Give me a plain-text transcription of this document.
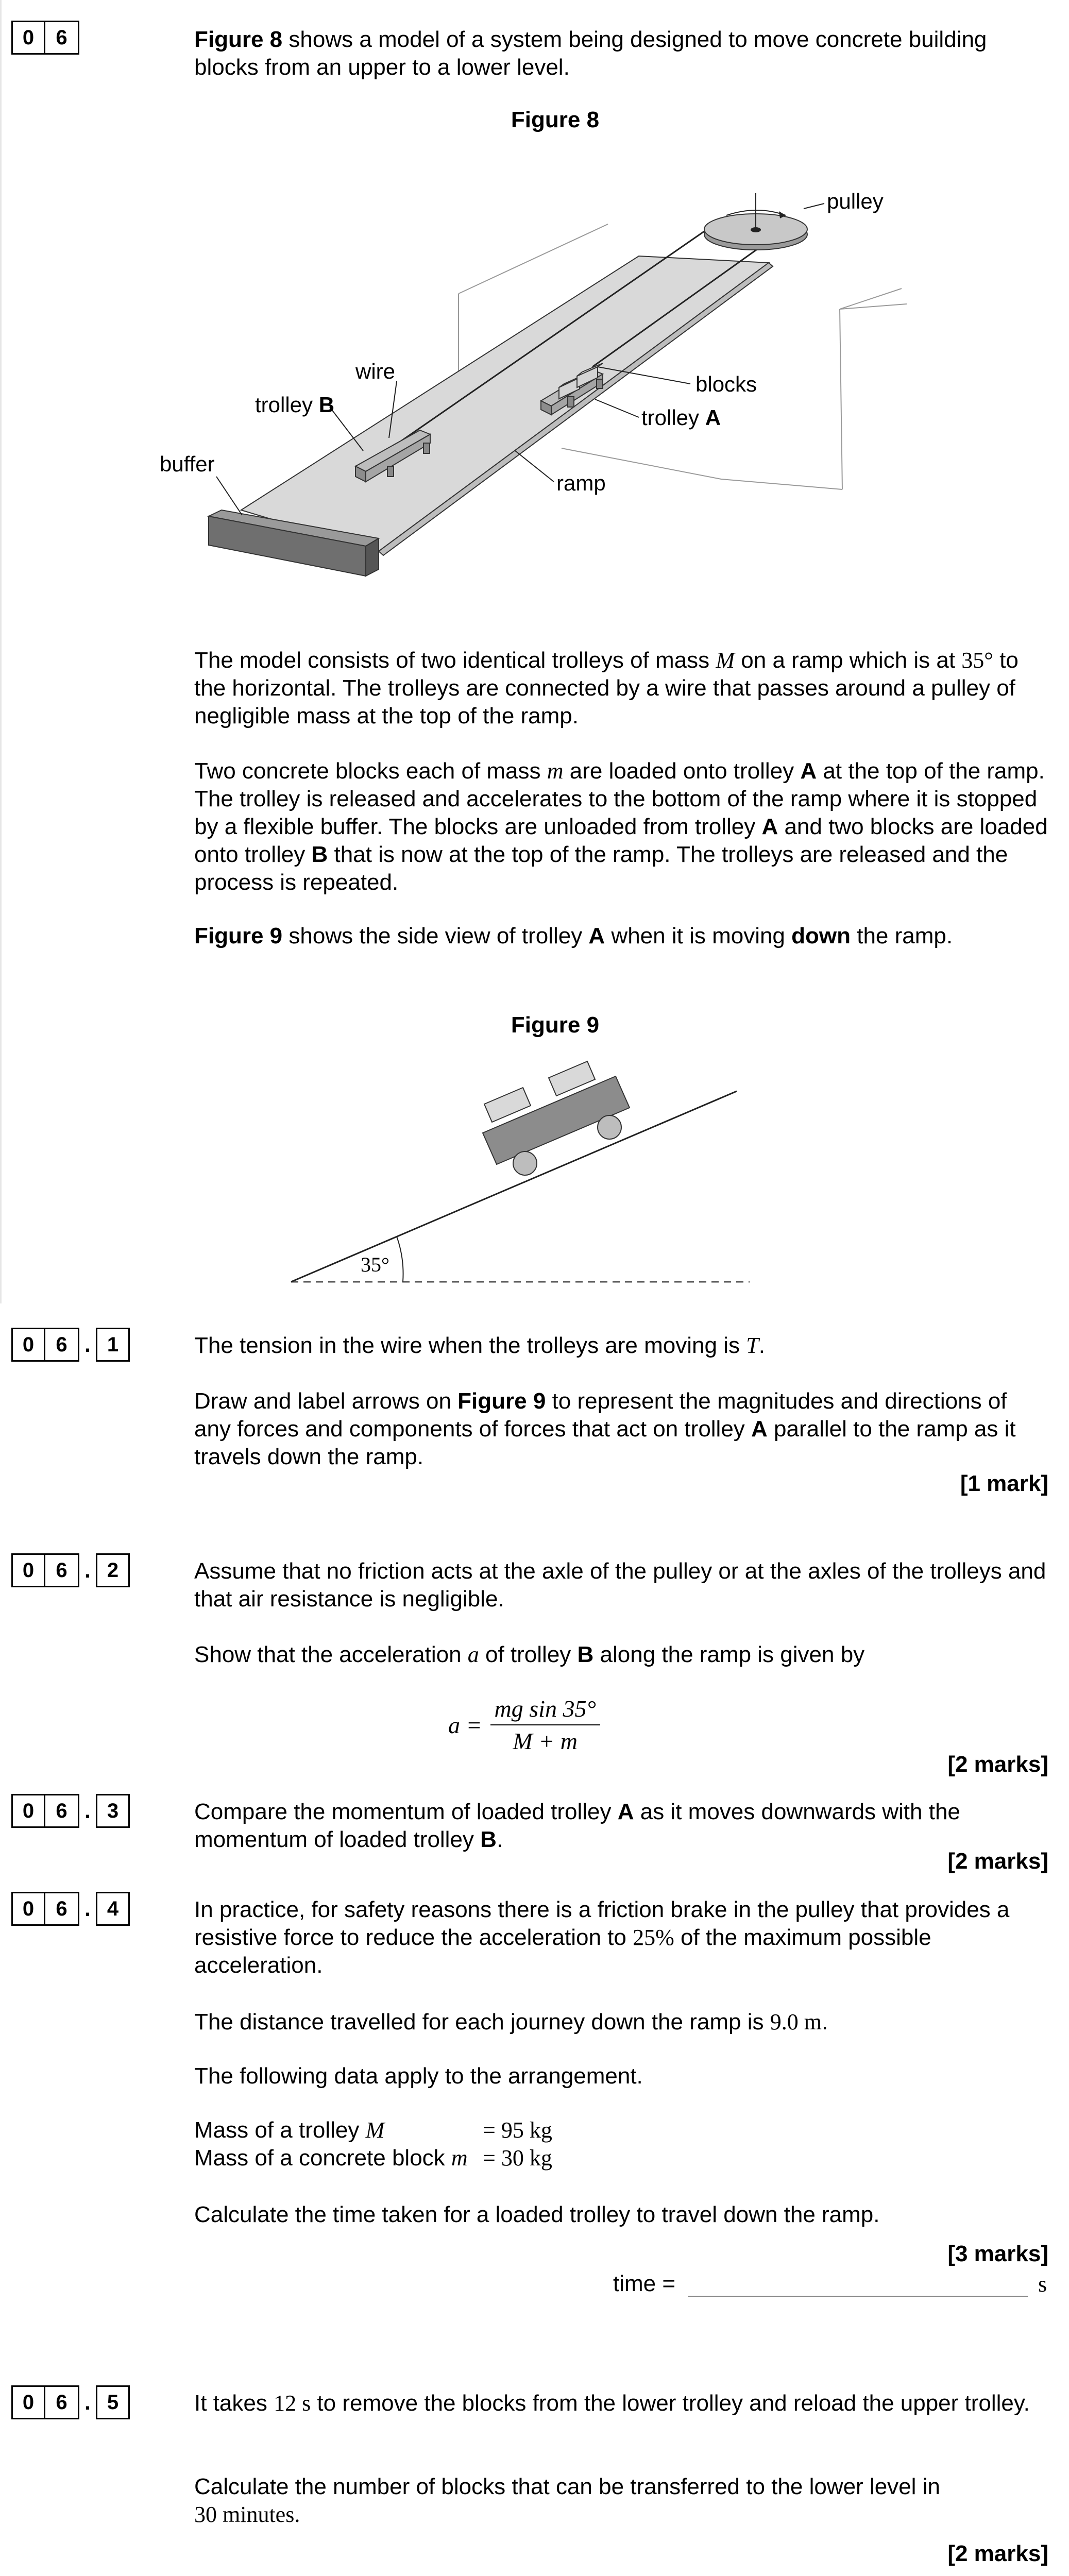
0	6	Figure 8 shows a model of a system being designed to move concrete building blocks from an upper to a lower level.

Figure 8
pulley
wire
trolley B
blocks
trolley A
buffer
ramp

The model consists of two identical trolleys of mass M on a ramp which is at 35° to the horizontal. The trolleys are connected by a wire that passes around a pulley of negligible mass at the top of the ramp.

Two concrete blocks each of mass m are loaded onto trolley A at the top of the ramp. The trolley is released and accelerates to the bottom of the ramp where it is stopped by a flexible buffer. The blocks are unloaded from trolley A and two blocks are loaded onto trolley B that is now at the top of the ramp. The trolleys are released and the process is repeated.

Figure 9 shows the side view of trolley A when it is moving down the ramp.

Figure 9
35°
0	6 . 1	The tension in the wire when the trolleys are moving is T.

Draw and label arrows on Figure 9 to represent the magnitudes and directions of any forces and components of forces that act on trolley A parallel to the ramp as it travels down the ramp.

[1 mark]
0	6 . 2	Assume that no friction acts at the axle of the pulley or at the axles of the trolleys and that air resistance is negligible.

Show that the acceleration a of trolley B along the ramp is given by

$a = \frac{\text{mg sin 35°}}{M + m}$
[2 marks]
0	6 . 3	Compare the momentum of loaded trolley A as it moves downwards with the momentum of loaded trolley B.

[2 marks]
0	6 . 4	In practice, for safety reasons there is a friction brake in the pulley that provides a resistive force to reduce the acceleration to 25% of the maximum possible acceleration.

The distance travelled for each journey down the ramp is 9.0 m.

The following data apply to the arrangement.

Mass of a trolley M	= 95 kg
Mass of a concrete block m = 30 kg

Calculate the time taken for a loaded trolley to travel down the ramp.

[3 marks]
time =	s
0	6 . 5	It takes 12 s to remove the blocks from the lower trolley and reload the upper trolley.

Calculate the number of blocks that can be transferred to the lower level in
30 minutes.

[2 marks]
